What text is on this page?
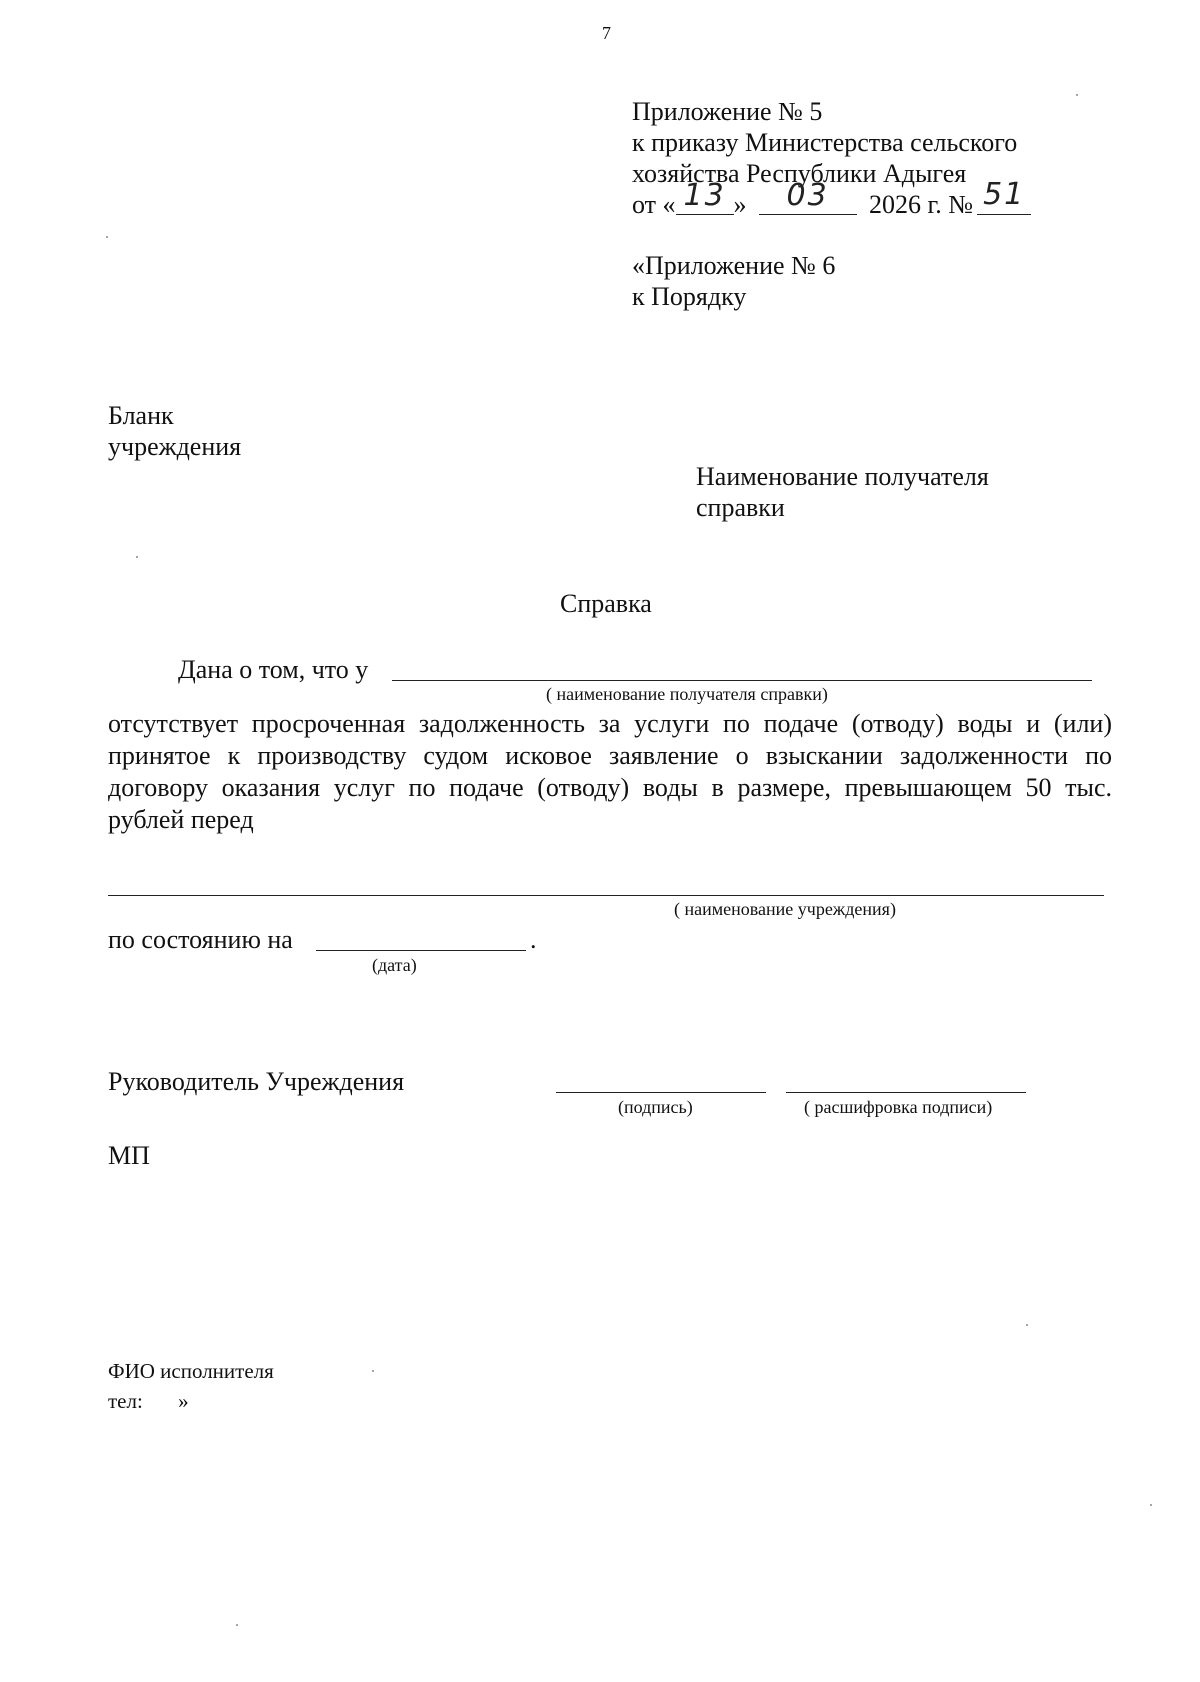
7
Приложение № 5
к приказу Министерства сельского
хозяйства Республики Адыгея
от « 13 » 03 2026 г. № 51
«Приложение № 6
к Порядку
Бланк
учреждения
Наименование получателя
справки
Справка
Дана о том, что у
( наименование получателя справки)
отсутствует просроченная задолженность за услуги по подаче (отводу) воды и (или) принятое к производству судом исковое заявление о взыскании задолженности по договору оказания услуг по подаче (отводу) воды в размере, превышающем 50 тыс. рублей перед
( наименование учреждения)
по состоянию на	.
(дата)
Руководитель Учреждения
(подпись)	( расшифровка подписи)
МП
ФИО исполнителя
тел: »
